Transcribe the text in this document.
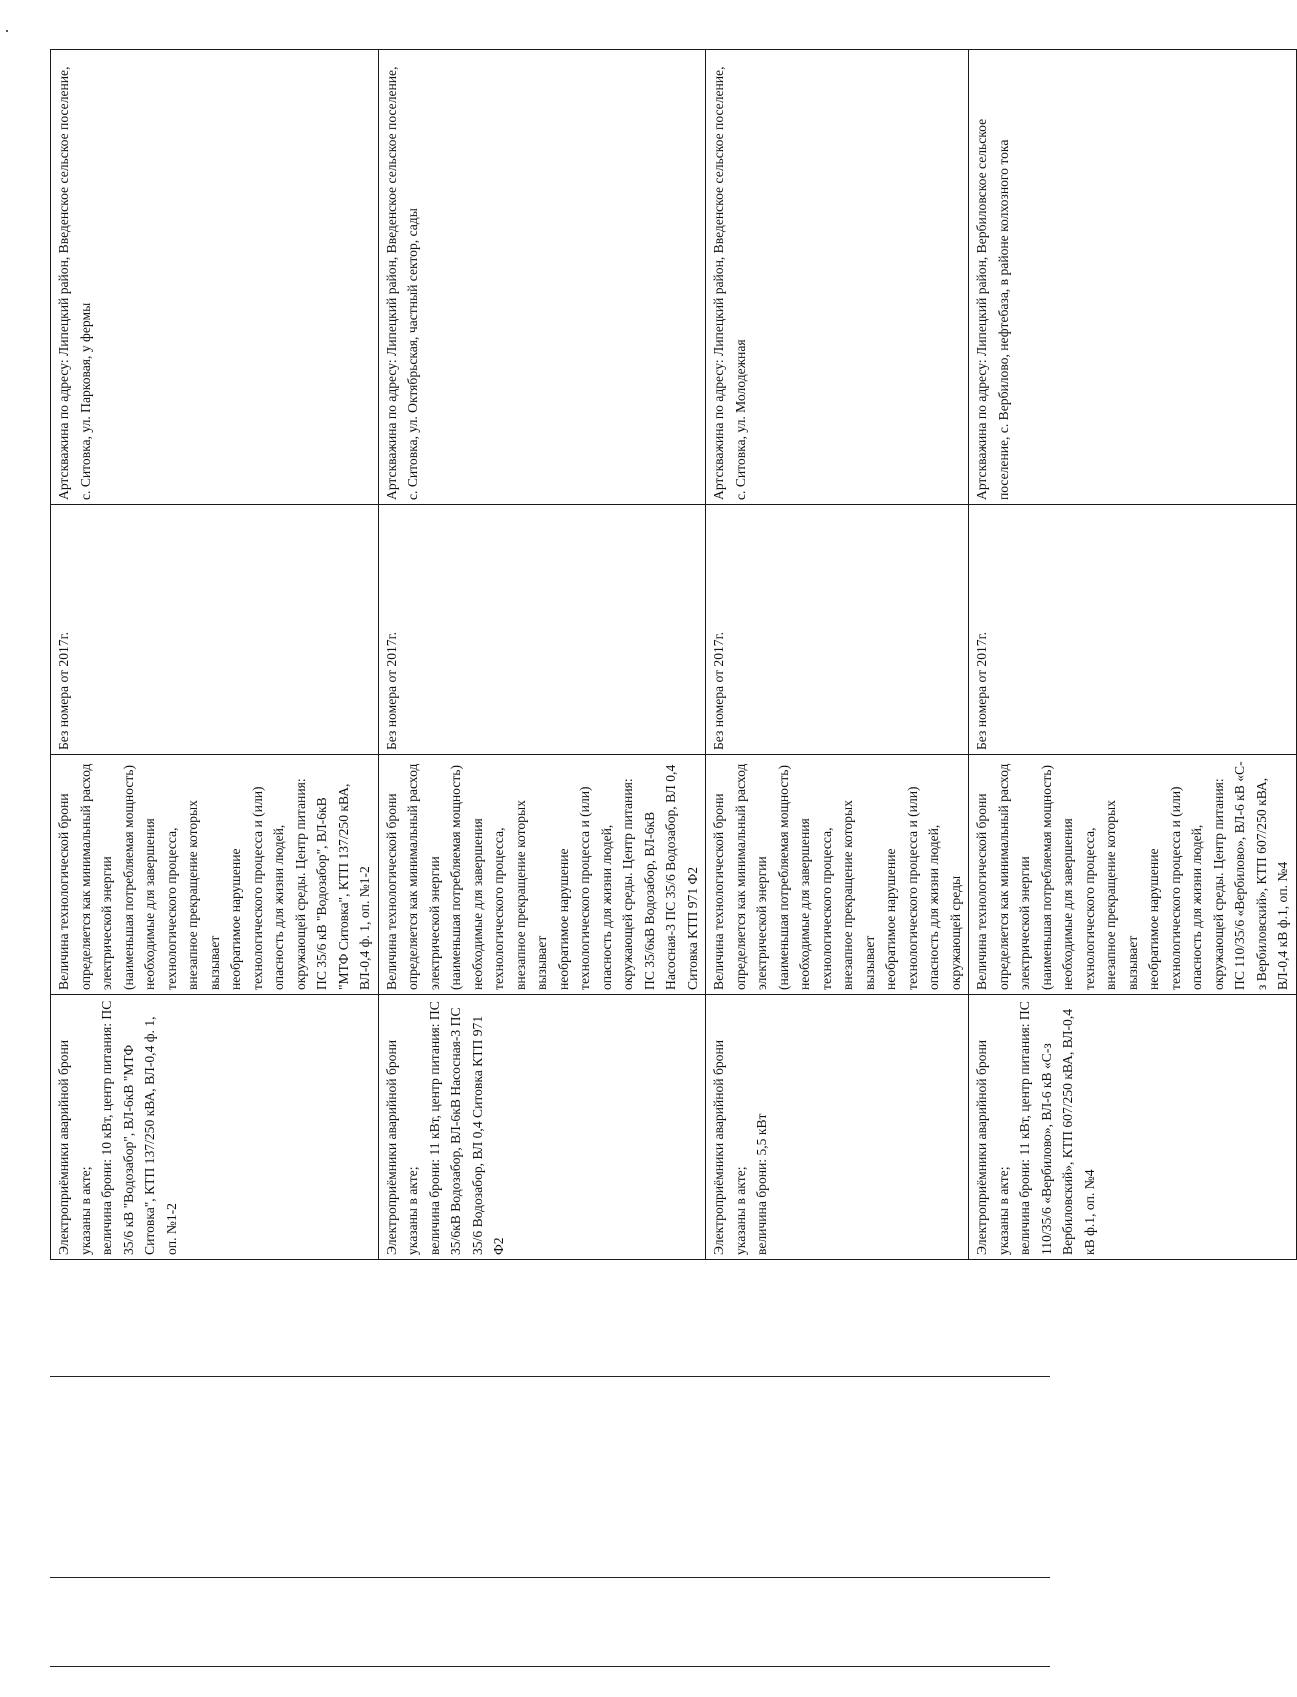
Электроприёмники аварийной брони указаны в акте;
величина брони: 10 кВт, центр питания: ПС 35/6 кВ "Водозабор", ВЛ-6кВ "МТФ Ситовка", КТП 137/250 кВА, ВЛ-0,4 ф. 1, оп. №1-2	Величина технологической брони определяется как минимальный расход электрической энергии
(наименьшая потребляемая мощность) необходимые для завершения технологического процесса,
внезапное прекращение которых вызывает
необратимое нарушение технологического процесса и (или) опасность для жизни людей, окружающей среды. Центр питания: ПС 35/6 кВ "Водозабор", ВЛ-6кВ "МТФ Ситовка", КТП 137/250 кВА, ВЛ-0,4 ф. 1, оп. №1-2	Без номера от 2017г.	Артскважина по адресу: Липецкий район, Введенское сельское поселение, с. Ситовка, ул. Парковая, у фермы
Электроприёмники аварийной брони указаны в акте;
величина брони: 11 кВт, центр питания: ПС 35/6кВ Водозабор, ВЛ-6кВ Насосная-3 ПС 35/6 Водозабор, ВЛ 0,4 Ситовка КТП 971 Ф2	Величина технологической брони определяется как минимальный расход электрической энергии
(наименьшая потребляемая мощность) необходимые для завершения технологического процесса,
внезапное прекращение которых вызывает
необратимое нарушение технологического процесса и (или) опасность для жизни людей, окружающей среды. Центр питания: ПС 35/6кВ Водозабор, ВЛ-6кВ Насосная-3 ПС 35/6 Водозабор, ВЛ 0,4 Ситовка КТП 971 Ф2	Без номера от 2017г.	Артскважина по адресу: Липецкий район, Введенское сельское поселение, с. Ситовка, ул. Октябрьская, частный сектор, сады
Электроприёмники аварийной брони указаны в акте;
величина брони: 5,5 кВт	Величина технологической брони определяется как минимальный расход электрической энергии
(наименьшая потребляемая мощность) необходимые для завершения технологического процесса,
внезапное прекращение которых вызывает
необратимое нарушение технологического процесса и (или) опасность для жизни людей, окружающей среды	Без номера от 2017г.	Артскважина по адресу: Липецкий район, Введенское сельское поселение, с. Ситовка, ул. Молодежная
Электроприёмники аварийной брони указаны в акте;
величина брони: 11 кВт, центр питания: ПС 110/35/6 «Вербилово», ВЛ-6 кВ «С-з Вербиловский», КТП 607/250 кВА, ВЛ-0,4 кВ ф.1, оп. №4	Величина технологической брони определяется как минимальный расход электрической энергии
(наименьшая потребляемая мощность) необходимые для завершения технологического процесса,
внезапное прекращение которых вызывает
необратимое нарушение технологического процесса и (или) опасность для жизни людей, окружающей среды. Центр питания: ПС 110/35/6 «Вербилово», ВЛ-6 кВ «С-з Вербиловский», КТП 607/250 кВА, ВЛ-0,4 кВ ф.1, оп. №4	Без номера от 2017г.	Артскважина по адресу: Липецкий район, Вербиловское сельское поселение, с. Вербилово, нефтебаза, в районе колхозного тока
